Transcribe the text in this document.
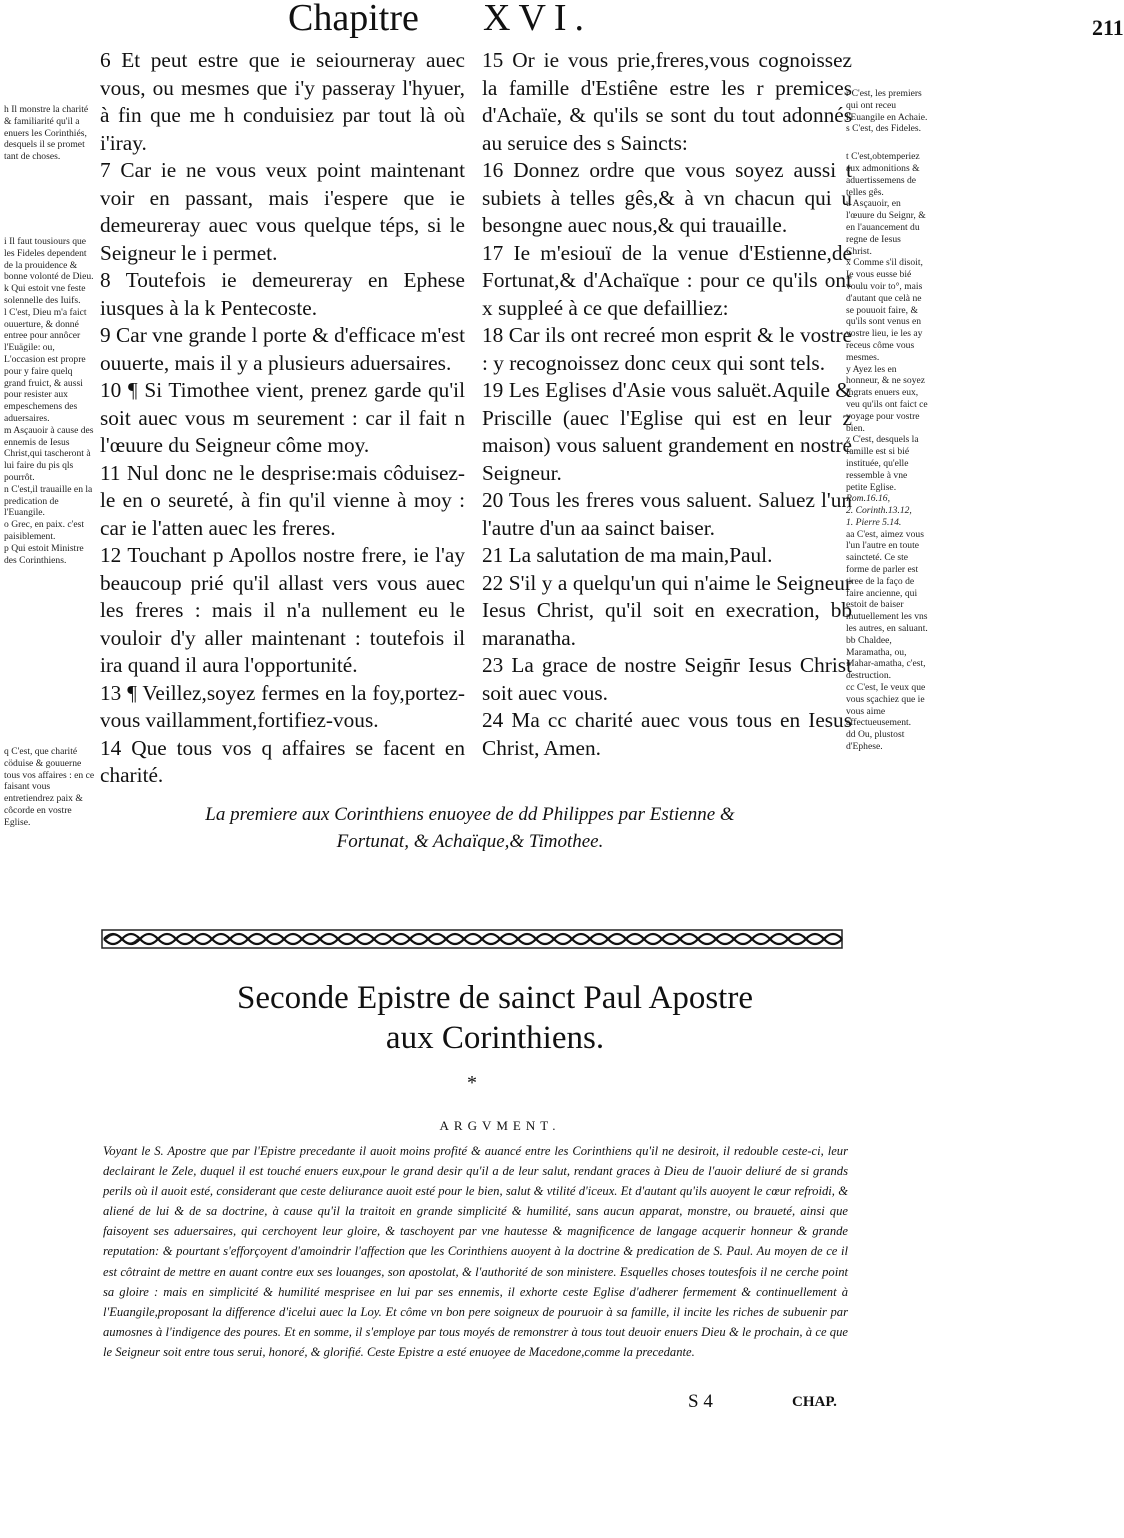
Chapitre XVI.	211

h Il monstre la charité & familiarité qu'il a enuers les Corinthiés, desquels il se promet tant de choses.

i Il faut tousiours que les Fideles dependent de la prouidence & bonne volonté de Dieu.

k Qui estoit vne feste solennelle des Iuifs.

l C'est, Dieu m'a faict ouuerture, & donné entree pour annôcer l'Euägile: ou, L'occasion est propre pour y faire quelq grand fruict, & aussi pour resister aux empeschemens des aduersaires.

m Asçauoir à cause des ennemis de Iesus Christ,qui tascheront à lui faire du pis qls pourrôt.

n C'est,il trauaille en la predication de l'Euangile.

o Grec, en paix. c'est paisiblement.

p Qui estoit Ministre des Corinthiens.

q C'est, que charité cöduise & gouuerne tous vos affaires : en ce faisant vous entretiendrez paix & côcorde en vostre Eglise.

6 Et peut estre que ie seiourneray auec vous, ou mesmes que i'y passeray l'hyuer, à fin que me h conduisiez par tout là où i'iray.

7 Car ie ne vous veux point maintenant voir en passant, mais i'espere que ie demeureray auec vous quelque téps, si le Seigneur le i permet.

8 Toutefois ie demeureray en Ephese iusques à la k Pentecoste.

9 Car vne grande l porte & d'efficace m'est ouuerte, mais il y a plusieurs aduersaires.

10 ¶ Si Timothee vient, prenez garde qu'il soit auec vous m seurement : car il fait n l'œuure du Seigneur côme moy.

11 Nul donc ne le desprise:mais côduisez-le en o seureté, à fin qu'il vienne à moy : car ie l'atten auec les freres.

12 Touchant p Apollos nostre frere, ie l'ay beaucoup prié qu'il allast vers vous auec les freres : mais il n'a nullement eu le vouloir d'y aller maintenant : toutefois il ira quand il aura l'opportunité.

13 ¶ Veillez,soyez fermes en la foy,portez-vous vaillamment,fortifiez-vous.

14 Que tous vos q affaires se facent en charité.

15 Or ie vous prie,freres,vous cognoissez la famille d'Estiêne estre les r premices d'Achaïe, & qu'ils se sont du tout adonnés au seruice des s Saincts:

16 Donnez ordre que vous soyez aussi t subiets à telles gês,& à vn chacun qui u besongne auec nous,& qui trauaille.

17 Ie m'esiouï de la venue d'Estienne,de Fortunat,& d'Achaïque : pour ce qu'ils ont x suppleé à ce que defailliez:

18 Car ils ont recreé mon esprit & le vostre : y recognoissez donc ceux qui sont tels.

19 Les Eglises d'Asie vous saluët.Aquile & Priscille (auec l'Eglise qui est en leur z maison) vous saluent grandement en nostre Seigneur.

20 Tous les freres vous saluent. Saluez l'un l'autre d'un aa sainct baiser.

21 La salutation de ma main,Paul.

22 S'il y a quelqu'un qui n'aime le Seigneur Iesus Christ, qu'il soit en execration, bb maranatha.

23 La grace de nostre Seign̄r Iesus Christ soit auec vous.

24 Ma cc charité auec vous tous en Iesus Christ, Amen.

r C'est, les premiers qui ont receu l'Euangile en Achaie.

s C'est, des Fideles.

t C'est,obtemperiez aux admonitions & aduertissemens de telles gês.

u Asçauoir, en l'œuure du Seignr, & en l'auancement du regne de Iesus Christ.

x Comme s'il disoit, Ie vous eusse bié voulu voir to°, mais d'autant que celà ne se pouuoit faire, & qu'ils sont venus en vostre lieu, ie les ay receus côme vous mesmes.

y Ayez les en honneur, & ne soyez ingrats enuers eux, veu qu'ils ont faict ce voyage pour vostre bien.

z C'est, desquels la famille est si bié instituée, qu'elle ressemble à vne petite Eglise.

Rom.16.16,

2. Corinth.13.12,

1. Pierre 5.14.

aa C'est, aimez vous l'un l'autre en toute saincteté. Ce ste forme de parler est tiree de la faço de faire ancienne, qui estoit de baiser mutuellement les vns les autres, en saluant.

bb Chaldee, Maramatha, ou, Mahar-amatha, c'est, destruction.

cc C'est, Ie veux que vous sçachiez que ie vous aime affectueusement.

dd Ou, plustost d'Ephese.

La premiere aux Corinthiens enuoyee de dd Philippes par Estienne &
Fortunat, & Achaïque,& Timothee.
Seconde Epistre de sainct Paul Apostre
aux Corinthiens.
*
ARGVMENT.
Voyant le S. Apostre que par l'Epistre precedante il auoit moins profité & auancé entre les Corinthiens qu'il ne desiroit, il redouble ceste-ci, leur declairant le Zele, duquel il est touché enuers eux,pour le grand desir qu'il a de leur salut, rendant graces à Dieu de l'auoir deliuré de si grands perils où il auoit esté, considerant que ceste deliurance auoit esté pour le bien, salut & vtilité d'iceux. Et d'autant qu'ils auoyent le cœur refroidi, & aliené de lui & de sa doctrine, à cause qu'il la traitoit en grande simplicité & humilité, sans aucun apparat, monstre, ou braueté, ainsi que faisoyent ses aduersaires, qui cerchoyent leur gloire, & taschoyent par vne hautesse & magnificence de langage acquerir honneur & grande reputation: & pourtant s'efforçoyent d'amoindrir l'affection que les Corinthiens auoyent à la doctrine & predication de S. Paul. Au moyen de ce il est côtraint de mettre en auant contre eux ses louanges, son apostolat, & l'authorité de son ministere. Esquelles choses toutesfois il ne cerche point sa gloire : mais en simplicité & humilité mesprisee en lui par ses ennemis, il exhorte ceste Eglise d'adherer fermement & continuellement à l'Euangile,proposant la difference d'icelui auec la Loy. Et côme vn bon pere soigneux de pouruoir à sa famille, il incite les riches de subuenir par aumosnes à l'indigence des poures. Et en somme, il s'employe par tous moyés de remonstrer à tous tout deuoir enuers Dieu & le prochain, à ce que le Seigneur soit entre tous serui, honoré, & glorifié. Ceste Epistre a esté enuoyee de Macedone,comme la precedante.
S 4	CHAP.
